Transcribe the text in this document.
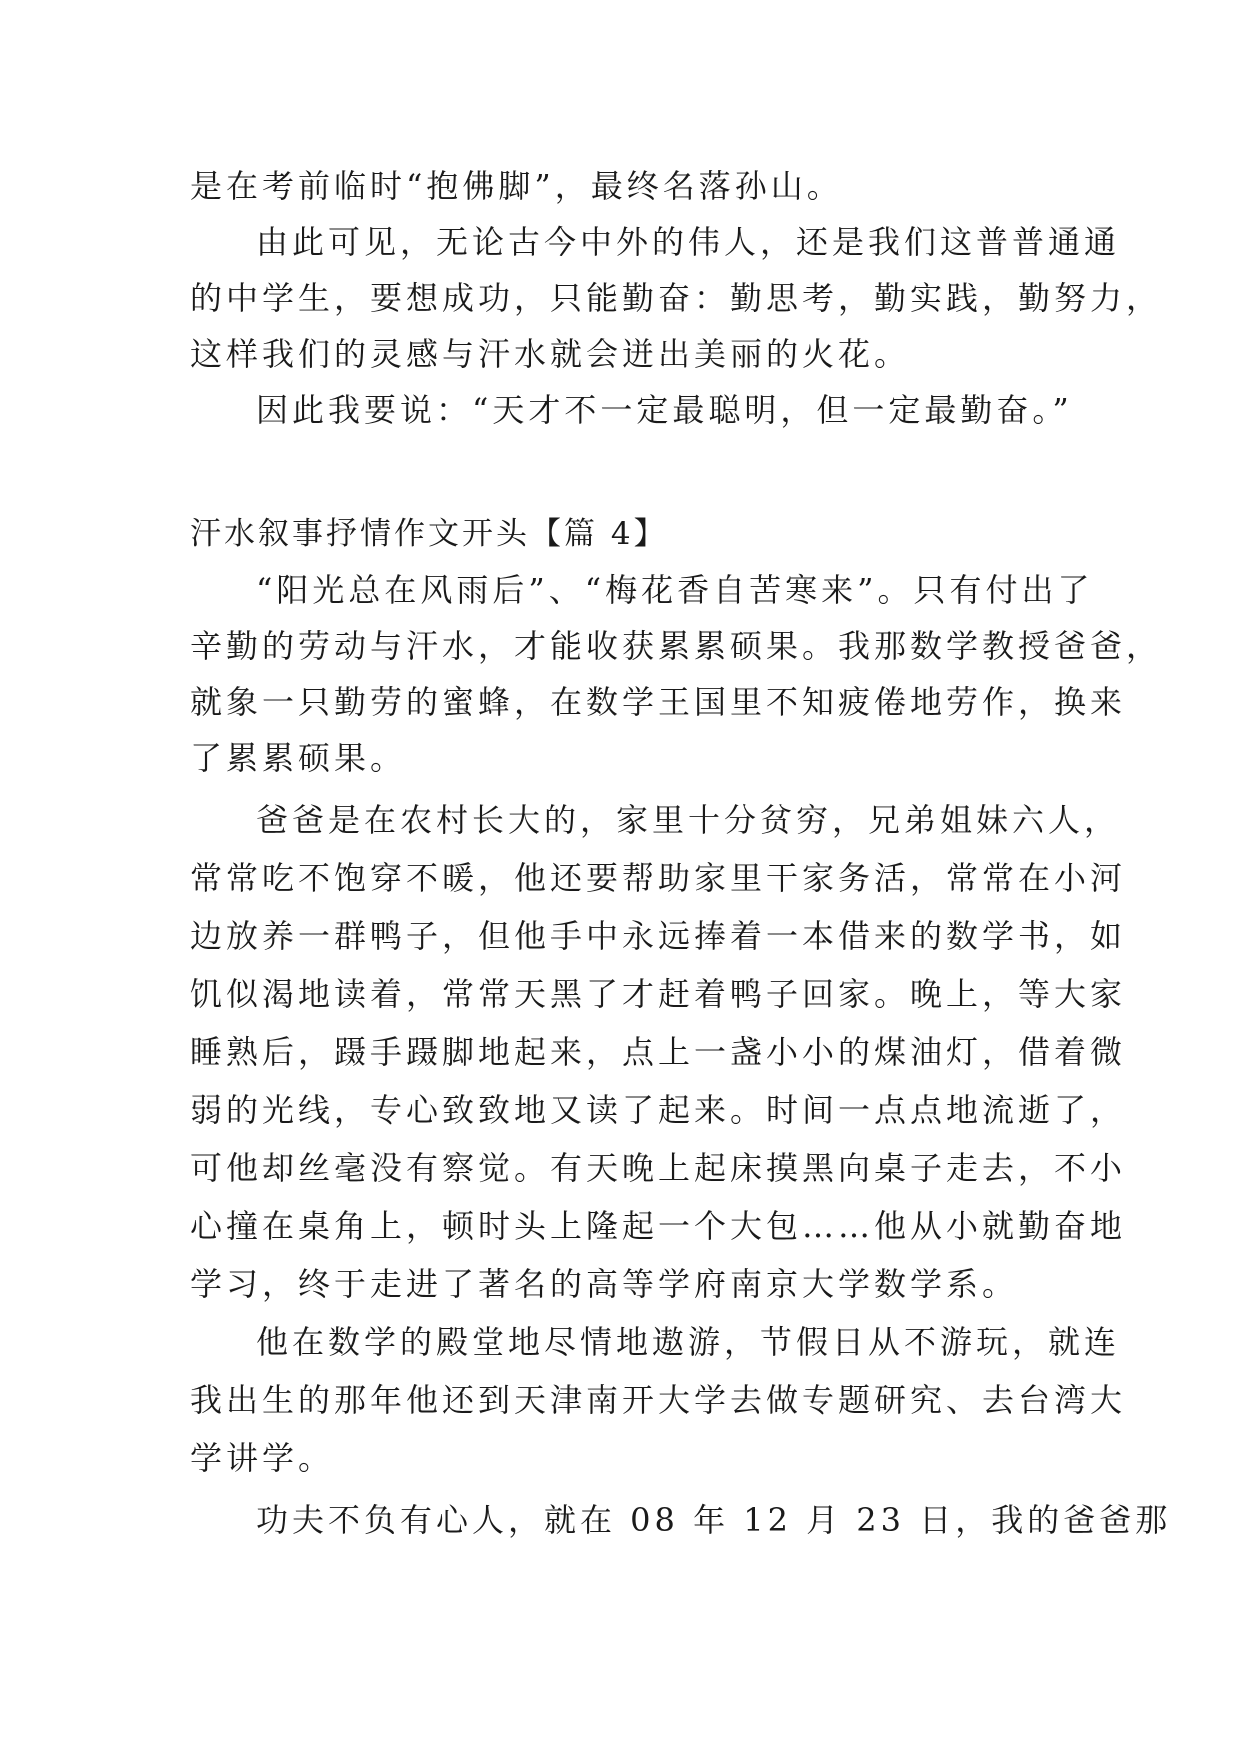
是在考前临时“抱佛脚”，最终名落孙山。
由此可见，无论古今中外的伟人，还是我们这普普通通
的中学生，要想成功，只能勤奋：勤思考，勤实践，勤努力，
这样我们的灵感与汗水就会迸出美丽的火花。
因此我要说：“天才不一定最聪明，但一定最勤奋。”
汗水叙事抒情作文开头【篇 4】
“阳光总在风雨后”、“梅花香自苦寒来”。只有付出了
辛勤的劳动与汗水，才能收获累累硕果。我那数学教授爸爸，
就象一只勤劳的蜜蜂，在数学王国里不知疲倦地劳作，换来
了累累硕果。
爸爸是在农村长大的，家里十分贫穷，兄弟姐妹六人，
常常吃不饱穿不暖，他还要帮助家里干家务活，常常在小河
边放养一群鸭子，但他手中永远捧着一本借来的数学书，如
饥似渴地读着，常常天黑了才赶着鸭子回家。晚上，等大家
睡熟后，蹑手蹑脚地起来，点上一盏小小的煤油灯，借着微
弱的光线，专心致致地又读了起来。时间一点点地流逝了，
可他却丝毫没有察觉。有天晚上起床摸黑向桌子走去，不小
心撞在桌角上，顿时头上隆起一个大包……他从小就勤奋地
学习，终于走进了著名的高等学府南京大学数学系。
他在数学的殿堂地尽情地遨游，节假日从不游玩，就连
我出生的那年他还到天津南开大学去做专题研究、去台湾大
学讲学。
功夫不负有心人，就在 08 年 12 月 23 日，我的爸爸那
